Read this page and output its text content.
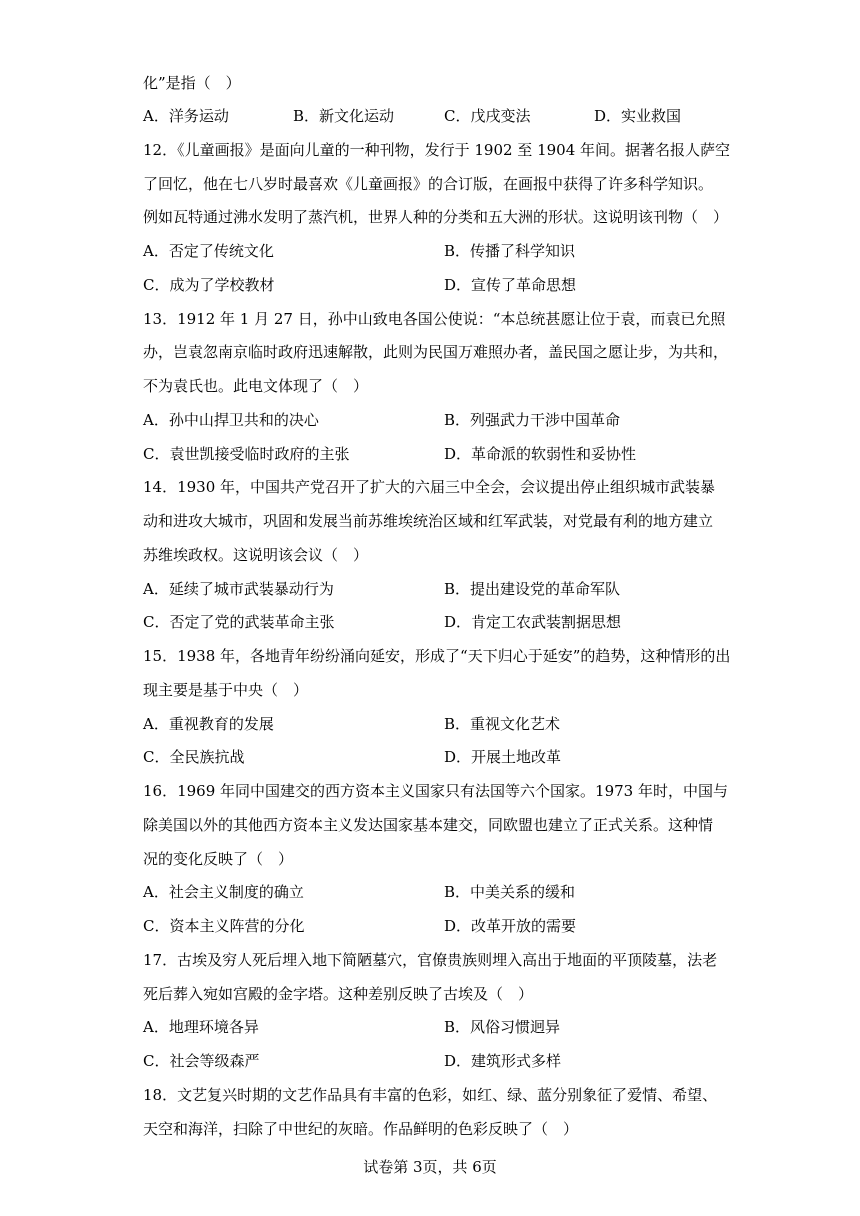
化”是指（　）
A．洋务运动	B．新文化运动	C．戊戌变法	D．实业救国
12．《儿童画报》是面向儿童的一种刊物，发行于 1902 至 1904 年间。据著名报人萨空
了回忆，他在七八岁时最喜欢《儿童画报》的合订版，在画报中获得了许多科学知识。
例如瓦特通过沸水发明了蒸汽机，世界人种的分类和五大洲的形状。这说明该刊物（　）
A．否定了传统文化	B．传播了科学知识
C．成为了学校教材	D．宣传了革命思想
13．1912 年 1 月 27 日，孙中山致电各国公使说：“本总统甚愿让位于袁，而袁已允照
办，岂袁忽南京临时政府迅速解散，此则为民国万难照办者，盖民国之愿让步，为共和，
不为袁氏也。此电文体现了（　）
A．孙中山捍卫共和的决心	B．列强武力干涉中国革命
C．袁世凯接受临时政府的主张	D．革命派的软弱性和妥协性
14．1930 年，中国共产党召开了扩大的六届三中全会，会议提出停止组织城市武装暴
动和进攻大城市，巩固和发展当前苏维埃统治区域和红军武装，对党最有利的地方建立
苏维埃政权。这说明该会议（　）
A．延续了城市武装暴动行为	B．提出建设党的革命军队
C．否定了党的武装革命主张	D．肯定工农武装割据思想
15．1938 年，各地青年纷纷涌向延安，形成了“天下归心于延安”的趋势，这种情形的出
现主要是基于中央（　）
A．重视教育的发展	B．重视文化艺术
C．全民族抗战	D．开展土地改革
16．1969 年同中国建交的西方资本主义国家只有法国等六个国家。1973 年时，中国与
除美国以外的其他西方资本主义发达国家基本建交，同欧盟也建立了正式关系。这种情
况的变化反映了（　）
A．社会主义制度的确立	B．中美关系的缓和
C．资本主义阵营的分化	D．改革开放的需要
17．古埃及穷人死后埋入地下简陋墓穴，官僚贵族则埋入高出于地面的平顶陵墓，法老
死后葬入宛如宫殿的金字塔。这种差别反映了古埃及（　）
A．地理环境各异	B．风俗习惯迥异
C．社会等级森严	D．建筑形式多样
18．文艺复兴时期的文艺作品具有丰富的色彩，如红、绿、蓝分别象征了爱情、希望、
天空和海洋，扫除了中世纪的灰暗。作品鲜明的色彩反映了（　）
试卷第 3页，共 6页
